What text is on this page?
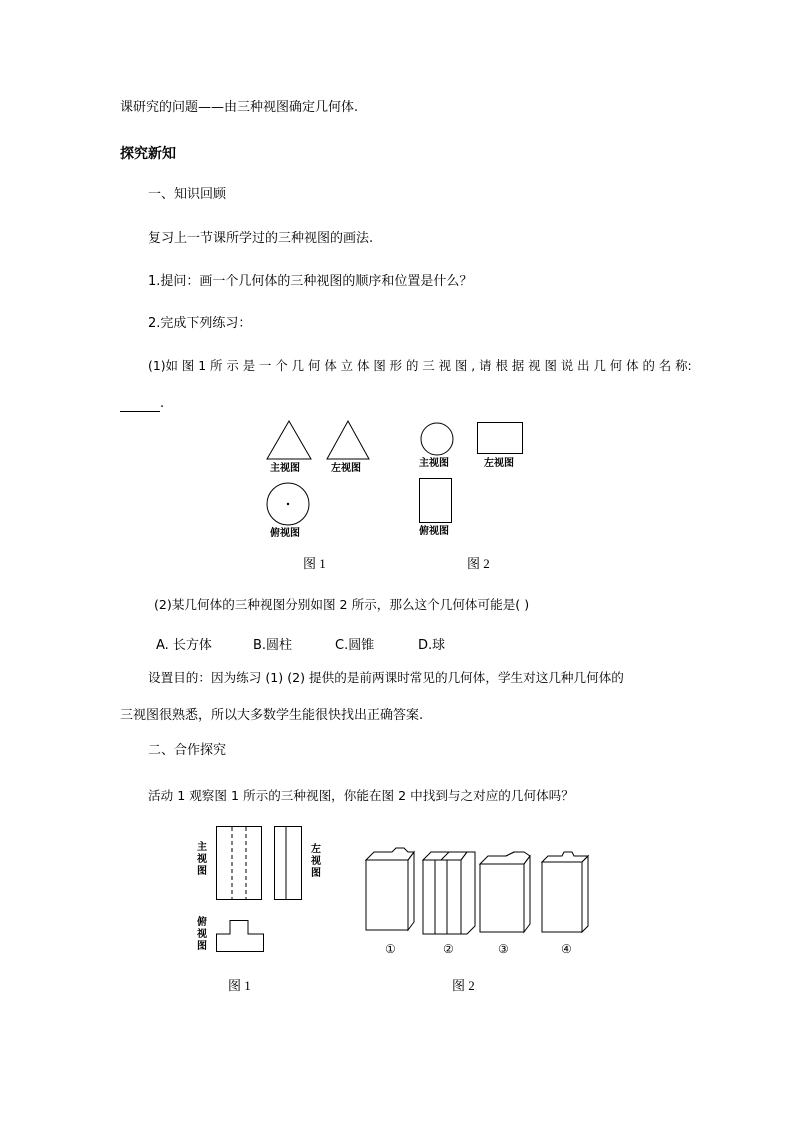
课研究的问题——由三种视图确定几何体.
探究新知
一、知识回顾
复习上一节课所学过的三种视图的画法.
1.提问：画一个几何体的三种视图的顺序和位置是什么？
2.完成下列练习：
(1)如 图 1 所 示 是 一 个 几 何 体 立 体 图 形 的 三 视 图 , 请 根 据 视 图 说 出 几 何 体 的 名 称:
.
主视图	左视图
俯视图
图 1
主视图	左视图
俯视图
图 2
(2)某几何体的三种视图分别如图 2 所示，那么这个几何体可能是( )
A. 长方体	B.圆柱	C.圆锥	D.球
设置目的：因为练习 (1) (2) 提供的是前两课时常见的几何体，学生对这几种几何体的
三视图很熟悉，所以大多数学生能很快找出正确答案.
二、合作探究
活动 1 观察图 1 所示的三种视图，你能在图 2 中找到与之对应的几何体吗？
主视图
左视图
俯视图
图 1
①	②	③	④
图 2
